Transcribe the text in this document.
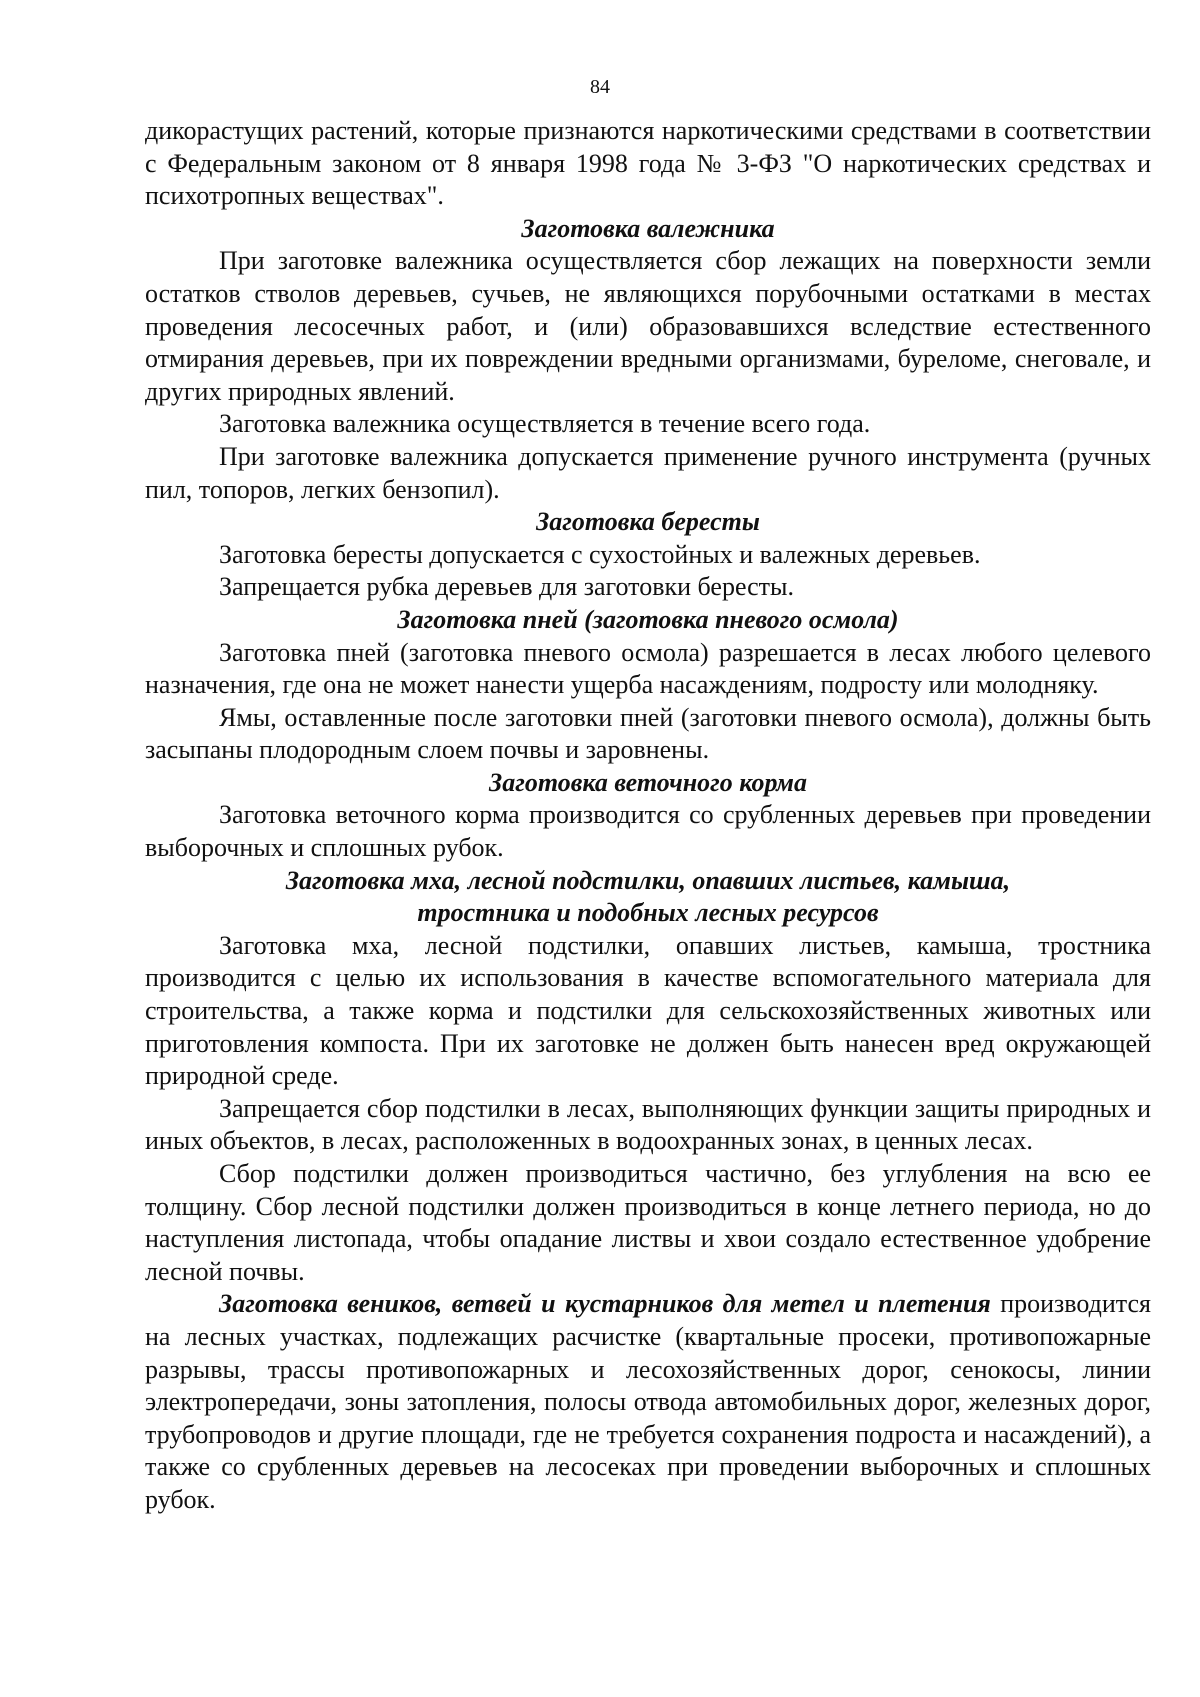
84

дикорастущих растений, которые признаются наркотическими средствами в соответствии с Федеральным законом от 8 января 1998 года № 3-ФЗ "О наркотических средствах и психотропных веществах".

Заготовка валежника

При заготовке валежника осуществляется сбор лежащих на поверхности земли остатков стволов деревьев, сучьев, не являющихся порубочными остатками в местах проведения лесосечных работ, и (или) образовавшихся вследствие естественного отмирания деревьев, при их повреждении вредными организмами, буреломе, снеговале, и других природных явлений.

Заготовка валежника осуществляется в течение всего года.

При заготовке валежника допускается применение ручного инструмента (ручных пил, топоров, легких бензопил).

Заготовка бересты

Заготовка бересты допускается с сухостойных и валежных деревьев.

Запрещается рубка деревьев для заготовки бересты.

Заготовка пней (заготовка пневого осмола)

Заготовка пней (заготовка пневого осмола) разрешается в лесах любого целевого назначения, где она не может нанести ущерба насаждениям, подросту или молодняку.

Ямы, оставленные после заготовки пней (заготовки пневого осмола), должны быть засыпаны плодородным слоем почвы и заровнены.

Заготовка веточного корма

Заготовка веточного корма производится со срубленных деревьев при проведении выборочных и сплошных рубок.

Заготовка мха, лесной подстилки, опавших листьев, камыша,
тростника и подобных лесных ресурсов

Заготовка мха, лесной подстилки, опавших листьев, камыша, тростника производится с целью их использования в качестве вспомогательного материала для строительства, а также корма и подстилки для сельскохозяйственных животных или приготовления компоста. При их заготовке не должен быть нанесен вред окружающей природной среде.

Запрещается сбор подстилки в лесах, выполняющих функции защиты природных и иных объектов, в лесах, расположенных в водоохранных зонах, в ценных лесах.

Сбор подстилки должен производиться частично, без углубления на всю ее толщину. Сбор лесной подстилки должен производиться в конце летнего периода, но до наступления листопада, чтобы опадание листвы и хвои создало естественное удобрение лесной почвы.

Заготовка веников, ветвей и кустарников для метел и плетения производится на лесных участках, подлежащих расчистке (квартальные просеки, противопожарные разрывы, трассы противопожарных и лесохозяйственных дорог, сенокосы, линии электропередачи, зоны затопления, полосы отвода автомобильных дорог, железных дорог, трубопроводов и другие площади, где не требуется сохранения подроста и насаждений), а также со срубленных деревьев на лесосеках при проведении выборочных и сплошных рубок.
